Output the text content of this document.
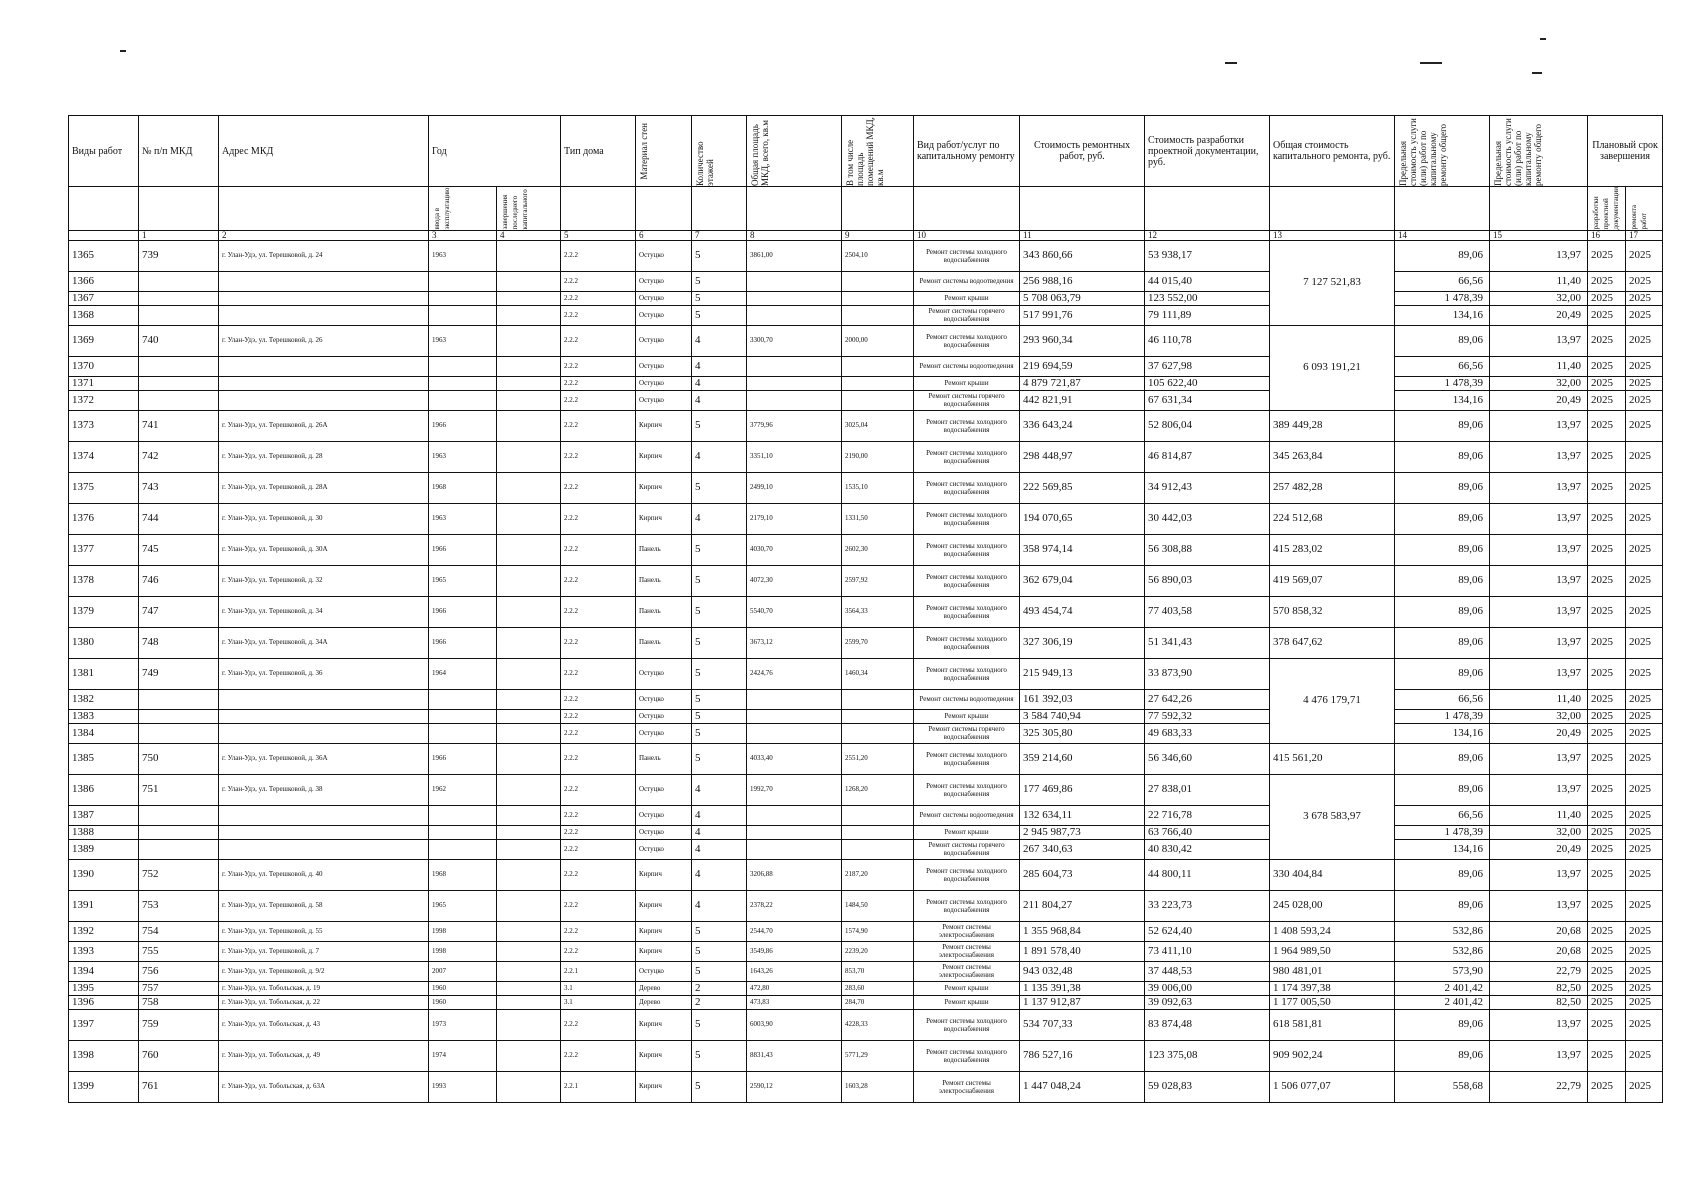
Виды работ	№ п/п МКД	Адрес МКД	Год		Тип дома	Материал стен	Количество этажей	Общая площадь МКД, всего, кв.м	В том числе площадь помещений МКД, кв.м	Вид работ/услуг по капитальному ремонту	Стоимость ремонтных работ, руб.	Стоимость разработки проектной документации, руб.	Общая стоимость капитального ремонта, руб.	Предельная стоимость услуги (или) работ по капитальному ремонту общего	Предельная стоимость услуги (или) работ по капитальному ремонту общего	Плановый срок завершения	

			ввода в эксплуатацию	завершения последнего капитального												разработки проектной документации	ремонта работ

	1	2	3	4	5	6	7	8	9	10	11	12	13	14	15	16	17
1365	739	г. Улан-Удэ, ул. Терешковой, д. 24	1963		2.2.2	Остуцко	5	3861,00	2504,10	Ремонт системы холодного водоснабжения	343 860,66	53 938,17	7 127 521,83	89,06	13,97	2025	2025
1366					2.2.2	Остуцко	5			Ремонт системы водоотведения	256 988,16	44 015,40		66,56	11,40	2025	2025
1367					2.2.2	Остуцко	5			Ремонт крыши	5 708 063,79	123 552,00		1 478,39	32,00	2025	2025
1368					2.2.2	Остуцко	5			Ремонт системы горячего водоснабжения	517 991,76	79 111,89		134,16	20,49	2025	2025
1369	740	г. Улан-Удэ, ул. Терешковой, д. 26	1963		2.2.2	Остуцко	4	3300,70	2000,00	Ремонт системы холодного водоснабжения	293 960,34	46 110,78	6 093 191,21	89,06	13,97	2025	2025
1370					2.2.2	Остуцко	4			Ремонт системы водоотведения	219 694,59	37 627,98		66,56	11,40	2025	2025
1371					2.2.2	Остуцко	4			Ремонт крыши	4 879 721,87	105 622,40		1 478,39	32,00	2025	2025
1372					2.2.2	Остуцко	4			Ремонт системы горячего водоснабжения	442 821,91	67 631,34		134,16	20,49	2025	2025
1373	741	г. Улан-Удэ, ул. Терешковой, д. 26А	1966		2.2.2	Кирпич	5	3779,96	3025,04	Ремонт системы холодного водоснабжения	336 643,24	52 806,04	389 449,28	89,06	13,97	2025	2025
1374	742	г. Улан-Удэ, ул. Терешковой, д. 28	1963		2.2.2	Кирпич	4	3351,10	2190,00	Ремонт системы холодного водоснабжения	298 448,97	46 814,87	345 263,84	89,06	13,97	2025	2025
1375	743	г. Улан-Удэ, ул. Терешковой, д. 28А	1968		2.2.2	Кирпич	5	2499,10	1535,10	Ремонт системы холодного водоснабжения	222 569,85	34 912,43	257 482,28	89,06	13,97	2025	2025
1376	744	г. Улан-Удэ, ул. Терешковой, д. 30	1963		2.2.2	Кирпич	4	2179,10	1331,50	Ремонт системы холодного водоснабжения	194 070,65	30 442,03	224 512,68	89,06	13,97	2025	2025
1377	745	г. Улан-Удэ, ул. Терешковой, д. 30А	1966		2.2.2	Панель	5	4030,70	2602,30	Ремонт системы холодного водоснабжения	358 974,14	56 308,88	415 283,02	89,06	13,97	2025	2025
1378	746	г. Улан-Удэ, ул. Терешковой, д. 32	1965		2.2.2	Панель	5	4072,30	2597,92	Ремонт системы холодного водоснабжения	362 679,04	56 890,03	419 569,07	89,06	13,97	2025	2025
1379	747	г. Улан-Удэ, ул. Терешковой, д. 34	1966		2.2.2	Панель	5	5540,70	3564,33	Ремонт системы холодного водоснабжения	493 454,74	77 403,58	570 858,32	89,06	13,97	2025	2025
1380	748	г. Улан-Удэ, ул. Терешковой, д. 34А	1966		2.2.2	Панель	5	3673,12	2599,70	Ремонт системы холодного водоснабжения	327 306,19	51 341,43	378 647,62	89,06	13,97	2025	2025
1381	749	г. Улан-Удэ, ул. Терешковой, д. 36	1964		2.2.2	Остуцко	5	2424,76	1460,34	Ремонт системы холодного водоснабжения	215 949,13	33 873,90	4 476 179,71	89,06	13,97	2025	2025
1382					2.2.2	Остуцко	5			Ремонт системы водоотведения	161 392,03	27 642,26		66,56	11,40	2025	2025
1383					2.2.2	Остуцко	5			Ремонт крыши	3 584 740,94	77 592,32		1 478,39	32,00	2025	2025
1384					2.2.2	Остуцко	5			Ремонт системы горячего водоснабжения	325 305,80	49 683,33		134,16	20,49	2025	2025
1385	750	г. Улан-Удэ, ул. Терешковой, д. 36А	1966		2.2.2	Панель	5	4033,40	2551,20	Ремонт системы холодного водоснабжения	359 214,60	56 346,60	415 561,20	89,06	13,97	2025	2025
1386	751	г. Улан-Удэ, ул. Терешковой, д. 38	1962		2.2.2	Остуцко	4	1992,70	1268,20	Ремонт системы холодного водоснабжения	177 469,86	27 838,01	3 678 583,97	89,06	13,97	2025	2025
1387					2.2.2	Остуцко	4			Ремонт системы водоотведения	132 634,11	22 716,78		66,56	11,40	2025	2025
1388					2.2.2	Остуцко	4			Ремонт крыши	2 945 987,73	63 766,40		1 478,39	32,00	2025	2025
1389					2.2.2	Остуцко	4			Ремонт системы горячего водоснабжения	267 340,63	40 830,42		134,16	20,49	2025	2025
1390	752	г. Улан-Удэ, ул. Терешковой, д. 40	1968		2.2.2	Кирпич	4	3206,88	2187,20	Ремонт системы холодного водоснабжения	285 604,73	44 800,11	330 404,84	89,06	13,97	2025	2025
1391	753	г. Улан-Удэ, ул. Терешковой, д. 58	1965		2.2.2	Кирпич	4	2378,22	1484,50	Ремонт системы холодного водоснабжения	211 804,27	33 223,73	245 028,00	89,06	13,97	2025	2025
1392	754	г. Улан-Удэ, ул. Терешковой, д. 55	1998		2.2.2	Кирпич	5	2544,70	1574,90	Ремонт системы электроснабжения	1 355 968,84	52 624,40	1 408 593,24	532,86	20,68	2025	2025
1393	755	г. Улан-Удэ, ул. Терешковой, д. 7	1998		2.2.2	Кирпич	5	3549,86	2239,20	Ремонт системы электроснабжения	1 891 578,40	73 411,10	1 964 989,50	532,86	20,68	2025	2025
1394	756	г. Улан-Удэ, ул. Терешковой, д. 9/2	2007		2.2.1	Остуцко	5	1643,26	853,70	Ремонт системы электроснабжения	943 032,48	37 448,53	980 481,01	573,90	22,79	2025	2025
1395	757	г. Улан-Удэ, ул. Тобольская, д. 19	1960		3.1	Дерево	2	472,80	283,60	Ремонт крыши	1 135 391,38	39 006,00	1 174 397,38	2 401,42	82,50	2025	2025
1396	758	г. Улан-Удэ, ул. Тобольская, д. 22	1960		3.1	Дерево	2	473,83	284,70	Ремонт крыши	1 137 912,87	39 092,63	1 177 005,50	2 401,42	82,50	2025	2025
1397	759	г. Улан-Удэ, ул. Тобольская, д. 43	1973		2.2.2	Кирпич	5	6003,90	4228,33	Ремонт системы холодного водоснабжения	534 707,33	83 874,48	618 581,81	89,06	13,97	2025	2025
1398	760	г. Улан-Удэ, ул. Тобольская, д. 49	1974		2.2.2	Кирпич	5	8831,43	5771,29	Ремонт системы холодного водоснабжения	786 527,16	123 375,08	909 902,24	89,06	13,97	2025	2025
1399	761	г. Улан-Удэ, ул. Тобольская, д. 63А	1993		2.2.1	Кирпич	5	2590,12	1603,28	Ремонт системы электроснабжения	1 447 048,24	59 028,83	1 506 077,07	558,68	22,79	2025	2025
